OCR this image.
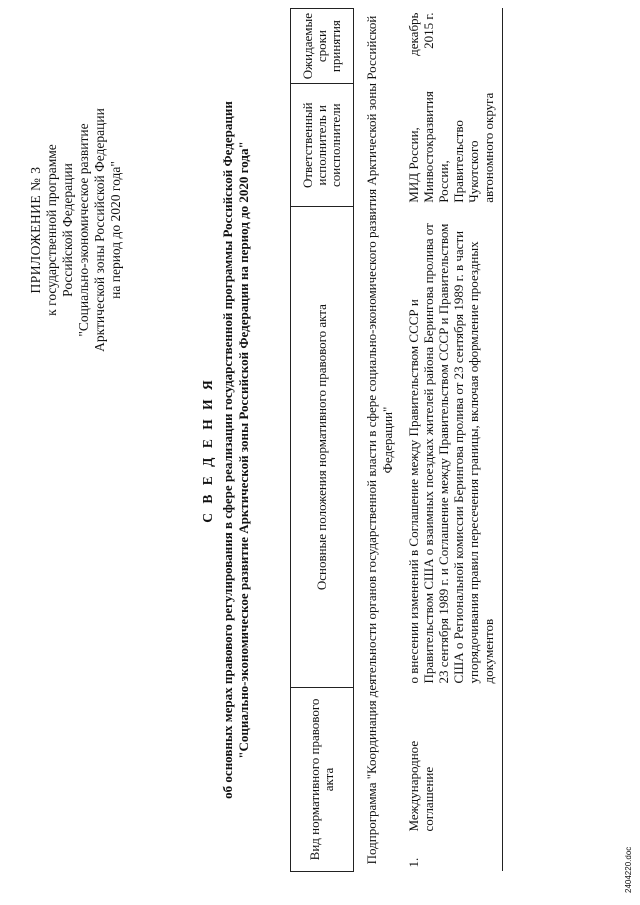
ПРИЛОЖЕНИЕ № 3 к государственной программе Российской Федерации "Социально-экономическое развитие Арктической зоны Российской Федерации на период до 2020 года"
С В Е Д Е Н И Я об основных мерах правового регулирования в сфере реализации государственной программы Российской Федерации "Социально-экономическое развитие Арктической зоны Российской Федерации на период до 2020 года"
Вид нормативного правового акта		Основные положения нормативного правового акта	Ответственный исполнитель и соисполнители	Ожидаемые сроки принятия
Подпрограмма "Координация деятельности органов государственной власти в сфере социально-экономического развития Арктической зоны Российской Федерации"				
1.	Международное соглашение	о внесении изменений в Соглашение между Правительством СССР и Правительством США о взаимных поездках жителей района Берингова пролива от 23 сентября 1989 г. и Соглашение между Правительством СССР и Правительством США о Региональной комиссии Берингова пролива от 23 сентября 1989 г. в части упорядочивания правил пересечения границы, включая оформление проездных документов	МИД России, Минвостокразвития России, Правительство Чукотского автономного округа	декабрь 2015 г.

2404220.doc
